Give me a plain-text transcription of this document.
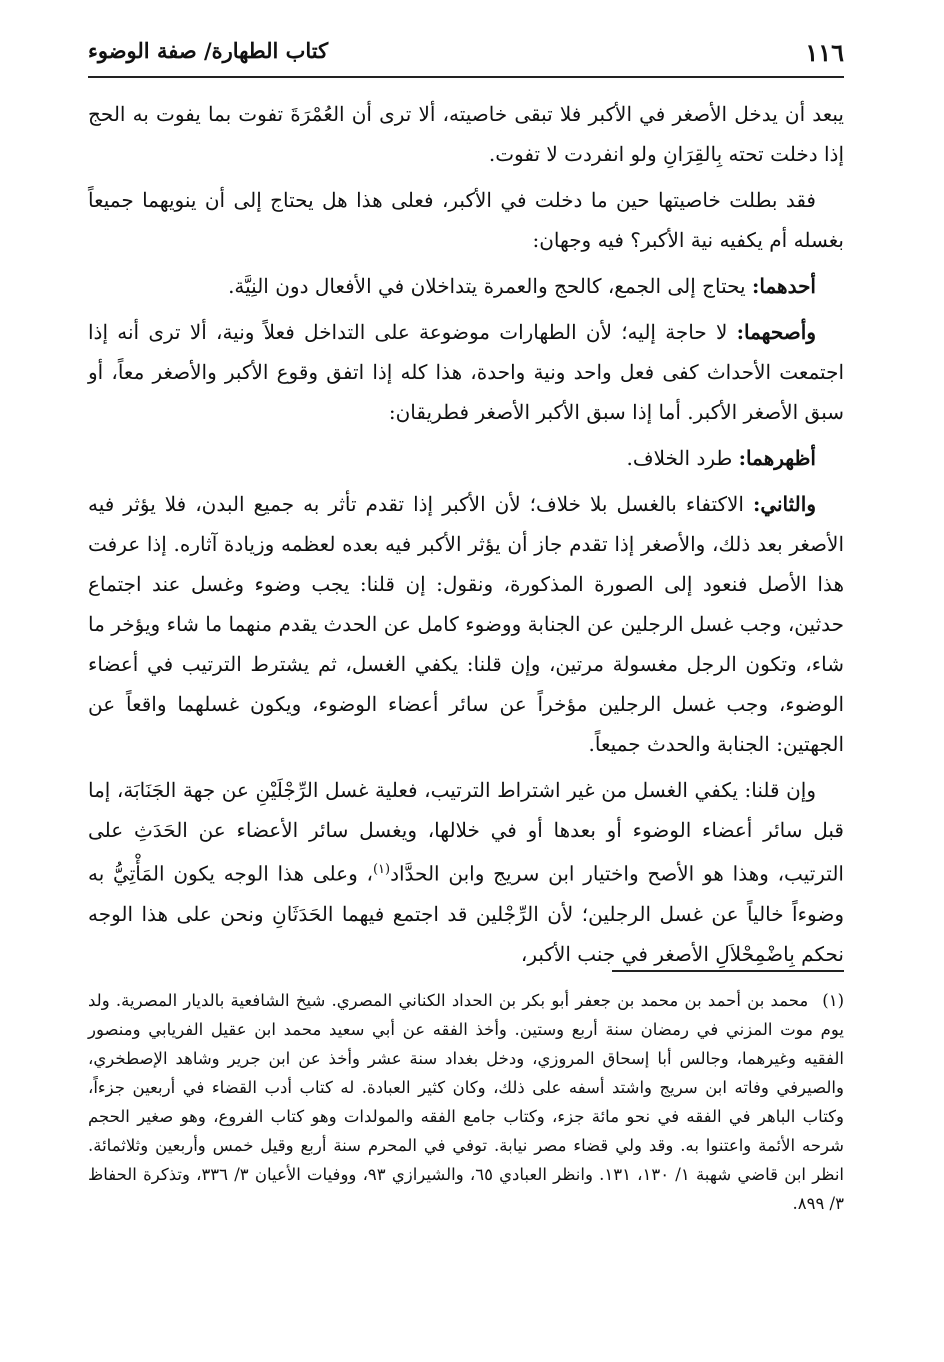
١١٦
كتاب الطهارة/ صفة الوضوء

يبعد أن يدخل الأصغر في الأكبر فلا تبقى خاصيته، ألا ترى أن العُمْرَةَ تفوت بما يفوت به الحج إذا دخلت تحته بِالقِرَانِ ولو انفردت لا تفوت.

فقد بطلت خاصيتها حين ما دخلت في الأكبر، فعلى هذا هل يحتاج إلى أن ينويهما جميعاً بغسله أم يكفيه نية الأكبر؟ فيه وجهان:

أحدهما: يحتاج إلى الجمع، كالحج والعمرة يتداخلان في الأفعال دون النِيَّة.

وأصحهما: لا حاجة إليه؛ لأن الطهارات موضوعة على التداخل فعلاً ونية، ألا ترى أنه إذا اجتمعت الأحداث كفى فعل واحد ونية واحدة، هذا كله إذا اتفق وقوع الأكبر والأصغر معاً، أو سبق الأصغر الأكبر. أما إذا سبق الأكبر الأصغر فطريقان:

أظهرهما: طرد الخلاف.

والثاني: الاكتفاء بالغسل بلا خلاف؛ لأن الأكبر إذا تقدم تأثر به جميع البدن، فلا يؤثر فيه الأصغر بعد ذلك، والأصغر إذا تقدم جاز أن يؤثر الأكبر فيه بعده لعظمه وزيادة آثاره. إذا عرفت هذا الأصل فنعود إلى الصورة المذكورة، ونقول: إن قلنا: يجب وضوء وغسل عند اجتماع حدثين، وجب غسل الرجلين عن الجنابة ووضوء كامل عن الحدث يقدم منهما ما شاء ويؤخر ما شاء، وتكون الرجل مغسولة مرتين، وإن قلنا: يكفي الغسل، ثم يشترط الترتيب في أعضاء الوضوء، وجب غسل الرجلين مؤخراً عن سائر أعضاء الوضوء، ويكون غسلهما واقعاً عن الجهتين: الجنابة والحدث جميعاً.

وإن قلنا: يكفي الغسل من غير اشتراط الترتيب، فعلية غسل الرِّجْلَيْنِ عن جهة الجَنَابَة، إما قبل سائر أعضاء الوضوء أو بعدها أو في خلالها، ويغسل سائر الأعضاء عن الحَدَثِ على الترتيب، وهذا هو الأصح واختيار ابن سريج وابن الحدَّاد$^{(١)}$، وعلى هذا الوجه يكون المَأْتِيُّ به وضوءاً خالياً عن غسل الرجلين؛ لأن الرِّجْلين قد اجتمع فيهما الحَدَثَانِ ونحن على هذا الوجه نحكم بِاضْمِحْلاَلِ الأصغر في جنب الأكبر،

(١)محمد بن أحمد بن محمد بن جعفر أبو بكر بن الحداد الكناني المصري. شيخ الشافعية بالديار المصرية. ولد يوم موت المزني في رمضان سنة أربع وستين. وأخذ الفقه عن أبي سعيد محمد ابن عقيل الفريابي ومنصور الفقيه وغيرهما، وجالس أبا إسحاق المروزي، ودخل بغداد سنة عشر وأخذ عن ابن جرير وشاهد الإصطخري، والصيرفي وفاته ابن سريج واشتد أسفه على ذلك، وكان كثير العبادة. له كتاب أدب القضاء في أربعين جزءاً، وكتاب الباهر في الفقه في نحو مائة جزء، وكتاب جامع الفقه والمولدات وهو كتاب الفروع، وهو صغير الحجم شرحه الأئمة واعتنوا به. وقد ولي قضاء مصر نيابة. توفي في المحرم سنة أربع وقيل خمس وأربعين وثلاثمائة. انظر ابن قاضي شهبة ١/ ١٣٠، ١٣١. وانظر العبادي ٦٥، والشيرازي ٩٣، ووفيات الأعيان ٣/ ٣٣٦، وتذكرة الحفاظ ٣/ ٨٩٩.
